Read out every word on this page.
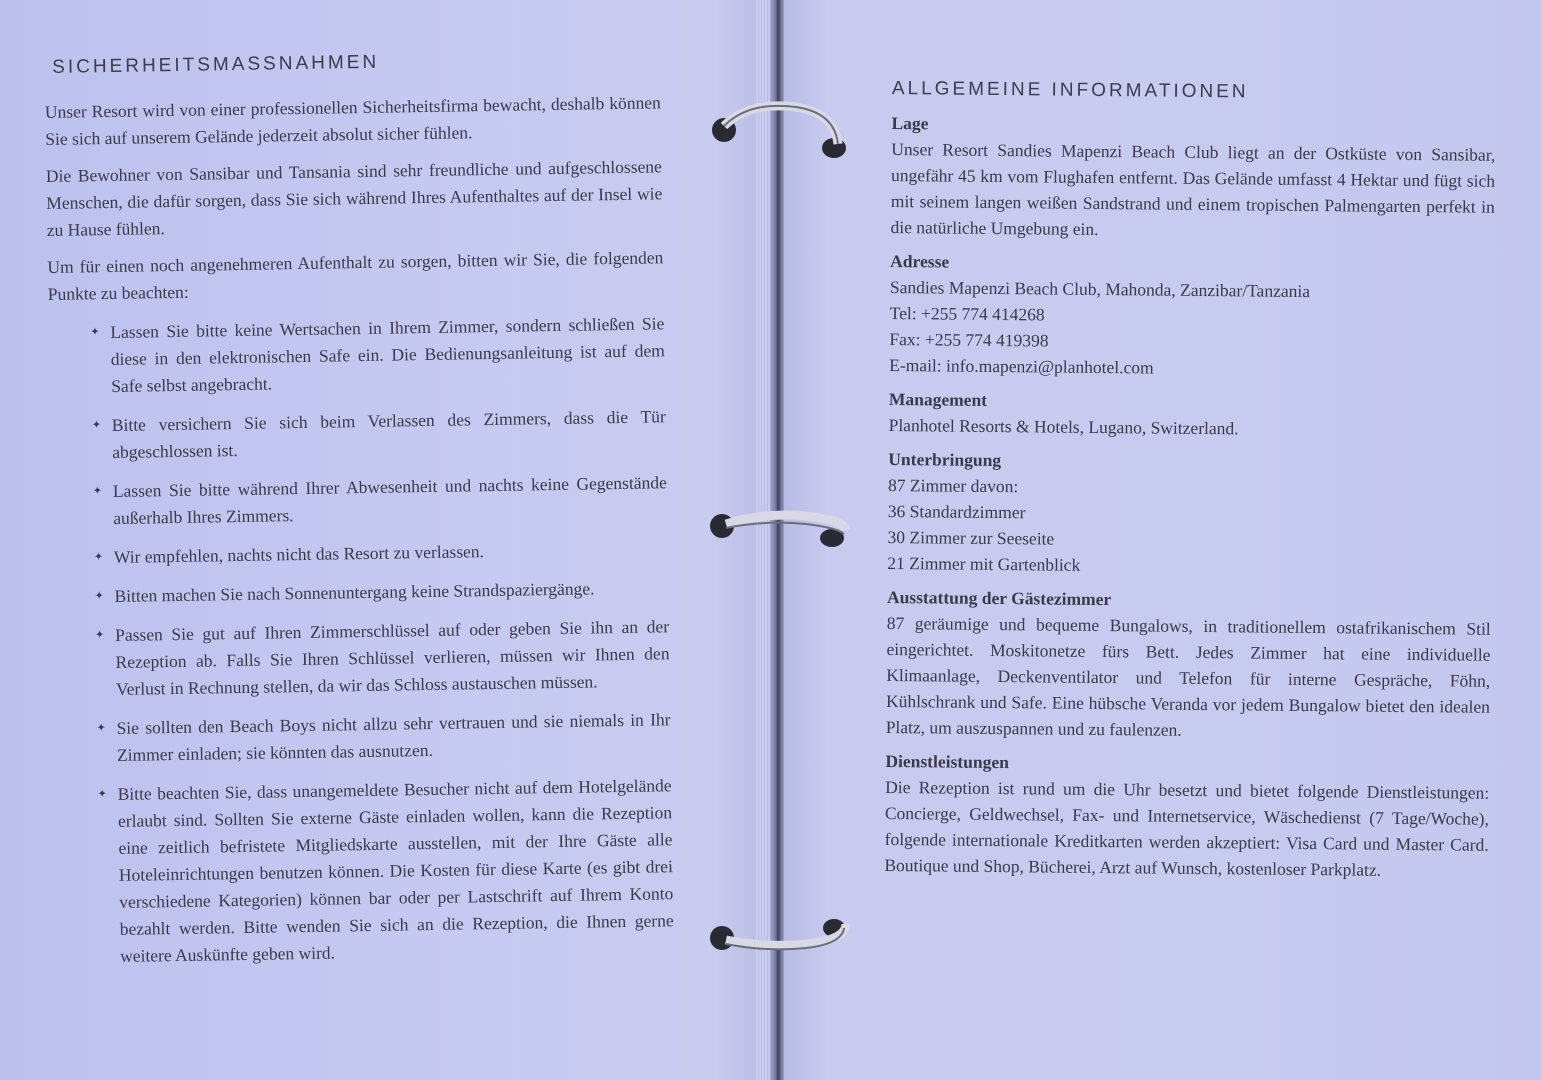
SICHERHEITSMASSNAHMEN

Unser Resort wird von einer professionellen Sicherheitsfirma bewacht, deshalb können Sie sich auf unserem Gelände jederzeit absolut sicher fühlen.

Die Bewohner von Sansibar und Tansania sind sehr freundliche und aufgeschlossene Menschen, die dafür sorgen, dass Sie sich während Ihres Aufenthaltes auf der Insel wie zu Hause fühlen.

Um für einen noch angenehmeren Aufenthalt zu sorgen, bitten wir Sie, die folgenden Punkte zu beachten:

✦ Lassen Sie bitte keine Wertsachen in Ihrem Zimmer, sondern schließen Sie diese in den elektronischen Safe ein. Die Bedienungsanleitung ist auf dem Safe selbst angebracht.
✦ Bitte versichern Sie sich beim Verlassen des Zimmers, dass die Tür abgeschlossen ist.
✦ Lassen Sie bitte während Ihrer Abwesenheit und nachts keine Gegenstände außerhalb Ihres Zimmers.
✦ Wir empfehlen, nachts nicht das Resort zu verlassen.
✦ Bitten machen Sie nach Sonnenuntergang keine Strandspaziergänge.
✦ Passen Sie gut auf Ihren Zimmerschlüssel auf oder geben Sie ihn an der Rezeption ab. Falls Sie Ihren Schlüssel verlieren, müssen wir Ihnen den Verlust in Rechnung stellen, da wir das Schloss austauschen müssen.
✦ Sie sollten den Beach Boys nicht allzu sehr vertrauen und sie niemals in Ihr Zimmer einladen; sie könnten das ausnutzen.
✦ Bitte beachten Sie, dass unangemeldete Besucher nicht auf dem Hotelgelände erlaubt sind. Sollten Sie externe Gäste einladen wollen, kann die Rezeption eine zeitlich befristete Mitgliedskarte ausstellen, mit der Ihre Gäste alle Hoteleinrichtungen benutzen können. Die Kosten für diese Karte (es gibt drei verschiedene Kategorien) können bar oder per Lastschrift auf Ihrem Konto bezahlt werden. Bitte wenden Sie sich an die Rezeption, die Ihnen gerne weitere Auskünfte geben wird.
ALLGEMEINE INFORMATIONEN
Lage

Unser Resort Sandies Mapenzi Beach Club liegt an der Ostküste von Sansibar, ungefähr 45 km vom Flughafen entfernt. Das Gelände umfasst 4 Hektar und fügt sich mit seinem langen weißen Sandstrand und einem tropischen Palmengarten perfekt in die natürliche Umgebung ein.

Adresse
Sandies Mapenzi Beach Club, Mahonda, Zanzibar/Tanzania
Tel: +255 774 414268
Fax: +255 774 419398
E-mail: info.mapenzi@planhotel.com
Management

Planhotel Resorts & Hotels, Lugano, Switzerland.

Unterbringung
87 Zimmer davon:
36 Standardzimmer
30 Zimmer zur Seeseite
21 Zimmer mit Gartenblick
Ausstattung der Gästezimmer

87 geräumige und bequeme Bungalows, in traditionellem ostafrikanischem Stil eingerichtet. Moskitonetze fürs Bett. Jedes Zimmer hat eine individuelle Klimaanlage, Deckenventilator und Telefon für interne Gespräche, Föhn, Kühlschrank und Safe. Eine hübsche Veranda vor jedem Bungalow bietet den idealen Platz, um auszuspannen und zu faulenzen.

Dienstleistungen

Die Rezeption ist rund um die Uhr besetzt und bietet folgende Dienstleistungen: Concierge, Geldwechsel, Fax- und Internetservice, Wäschedienst (7 Tage/Woche), folgende internationale Kreditkarten werden akzeptiert: Visa Card und Master Card. Boutique und Shop, Bücherei, Arzt auf Wunsch, kostenloser Parkplatz.
